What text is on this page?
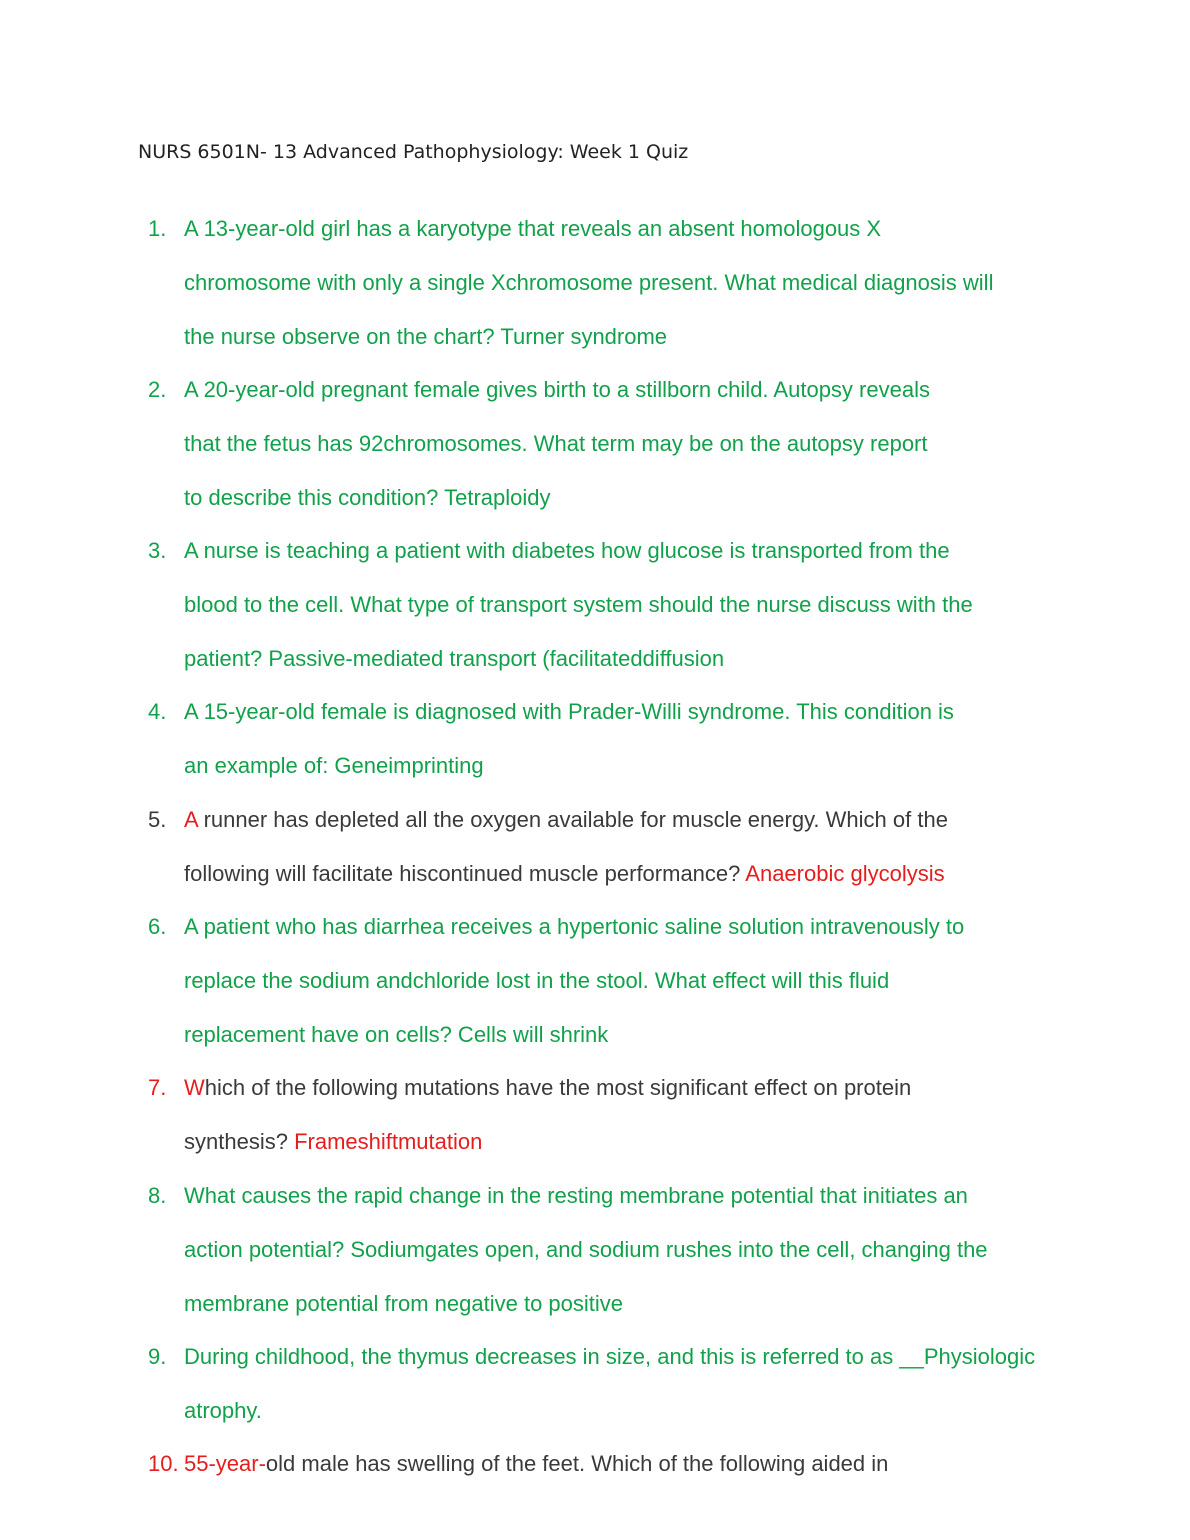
NURS 6501N- 13 Advanced Pathophysiology: Week 1 Quiz
1. A 13-year-old girl has a karyotype that reveals an absent homologous X
chromosome with only a single Xchromosome present. What medical diagnosis will
the nurse observe on the chart? Turner syndrome
2. A 20-year-old pregnant female gives birth to a stillborn child. Autopsy reveals
that the fetus has 92chromosomes. What term may be on the autopsy report
to describe this condition? Tetraploidy
3. A nurse is teaching a patient with diabetes how glucose is transported from the
blood to the cell. What type of transport system should the nurse discuss with the
patient? Passive-mediated transport (facilitateddiffusion
4. A 15-year-old female is diagnosed with Prader-Willi syndrome. This condition is
an example of: Geneimprinting
5. A runner has depleted all the oxygen available for muscle energy. Which of the
following will facilitate hiscontinued muscle performance? Anaerobic glycolysis
6. A patient who has diarrhea receives a hypertonic saline solution intravenously to
replace the sodium andchloride lost in the stool. What effect will this fluid
replacement have on cells? Cells will shrink
7. Which of the following mutations have the most significant effect on protein
synthesis? Frameshiftmutation
8. What causes the rapid change in the resting membrane potential that initiates an
action potential? Sodiumgates open, and sodium rushes into the cell, changing the
membrane potential from negative to positive
9. During childhood, the thymus decreases in size, and this is referred to as __Physiologic
atrophy.
10. 55-year-old male has swelling of the feet. Which of the following aided in
